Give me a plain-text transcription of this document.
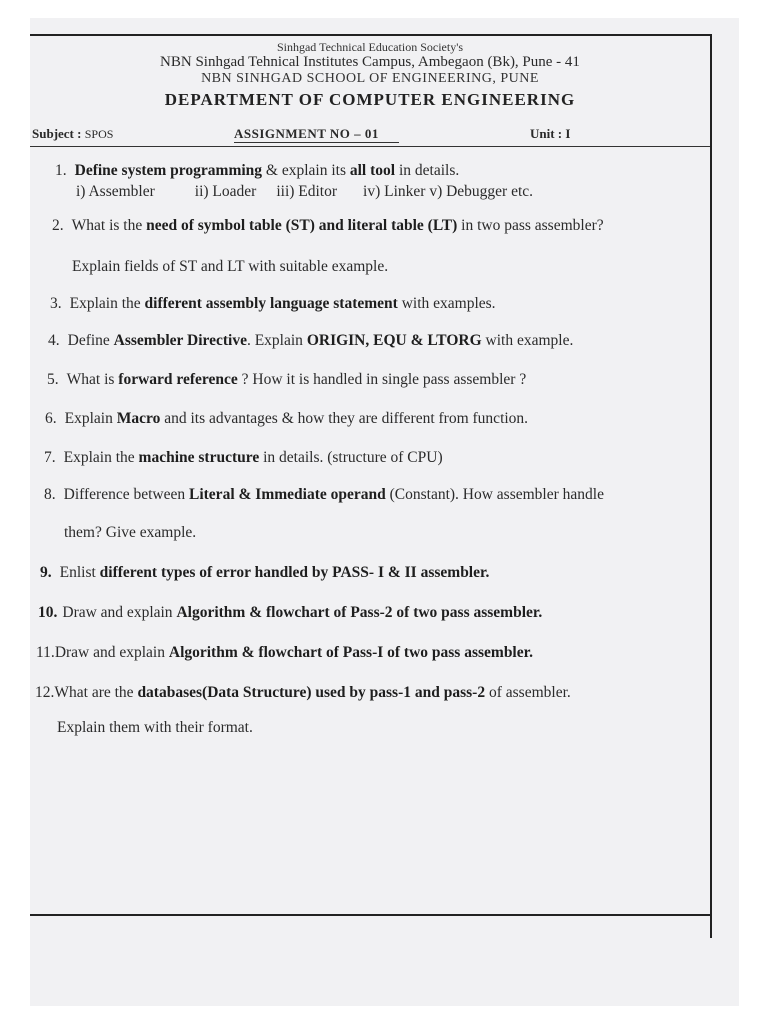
Sinhgad Technical Education Society's
NBN Sinhgad Tehnical Institutes Campus, Ambegaon (Bk), Pune - 41
NBN SINHGAD SCHOOL OF ENGINEERING, PUNE
DEPARTMENT OF COMPUTER ENGINEERING
Subject : SPOS	ASSIGNMENT NO – 01	Unit : I
1. Define system programming & explain its all tool in details.
i) Assembler	ii) Loader iii) Editor iv) Linker v) Debugger etc.
2. What is the need of symbol table (ST) and literal table (LT) in two pass assembler?
Explain fields of ST and LT with suitable example.
3. Explain the different assembly language statement with examples.
4. Define Assembler Directive. Explain ORIGIN, EQU & LTORG with example.
5. What is forward reference ? How it is handled in single pass assembler ?
6. Explain Macro and its advantages & how they are different from function.
7. Explain the machine structure in details. (structure of CPU)
8. Difference between Literal & Immediate operand (Constant). How assembler handle
them? Give example.
9. Enlist different types of error handled by PASS- I & II assembler.
10. Draw and explain Algorithm & flowchart of Pass-2 of two pass assembler.
11.Draw and explain Algorithm & flowchart of Pass-I of two pass assembler.
12.What are the databases(Data Structure) used by pass-1 and pass-2 of assembler.
Explain them with their format.
